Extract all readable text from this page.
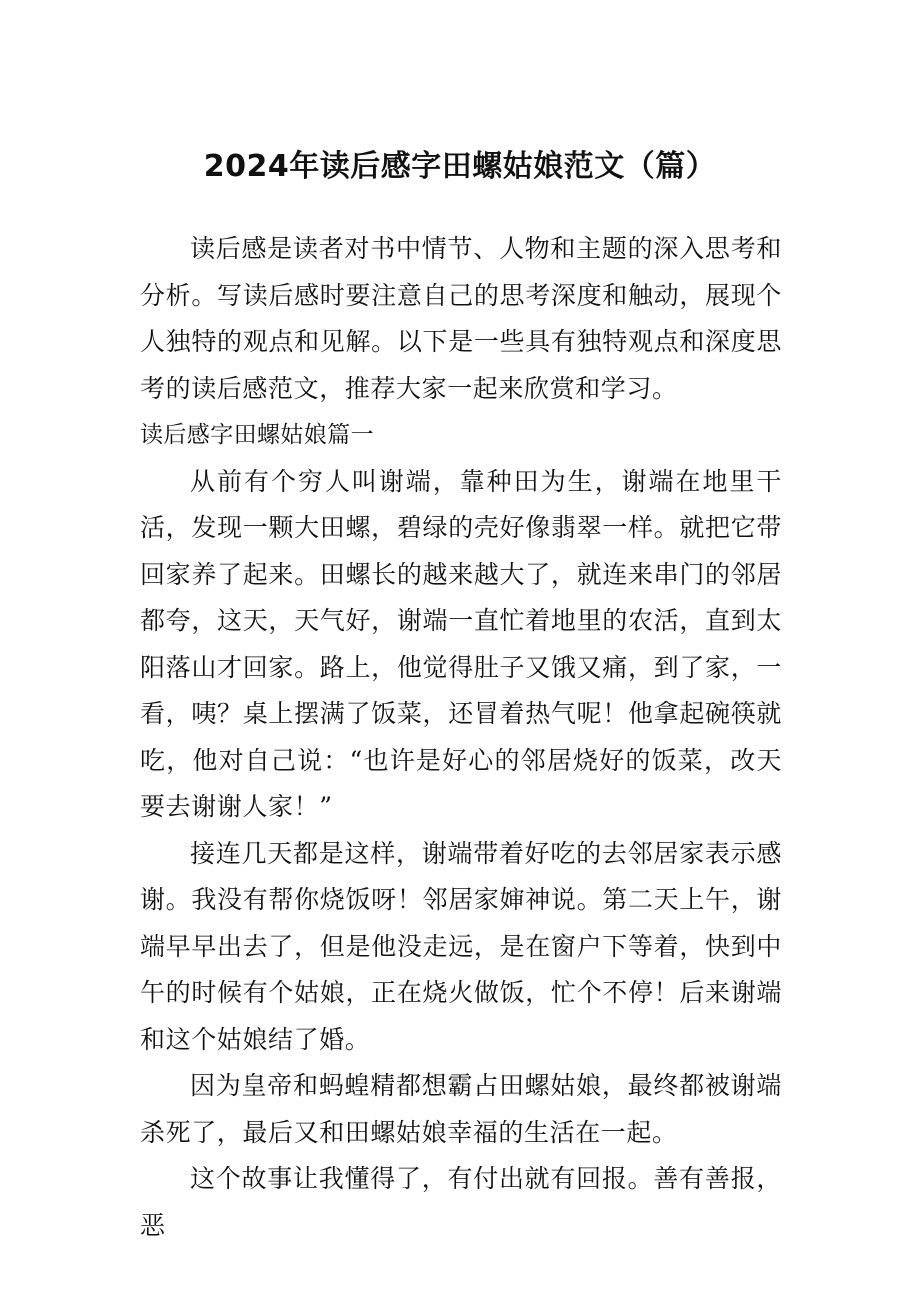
2024年读后感字田螺姑娘范文（篇）

读后感是读者对书中情节、人物和主题的深入思考和分析。写读后感时要注意自己的思考深度和触动，展现个人独特的观点和见解。以下是一些具有独特观点和深度思考的读后感范文，推荐大家一起来欣赏和学习。

读后感字田螺姑娘篇一

从前有个穷人叫谢端，靠种田为生，谢端在地里干活，发现一颗大田螺，碧绿的壳好像翡翠一样。就把它带回家养了起来。田螺长的越来越大了，就连来串门的邻居都夸，这天，天气好，谢端一直忙着地里的农活，直到太阳落山才回家。路上，他觉得肚子又饿又痛，到了家，一看，咦？桌上摆满了饭菜，还冒着热气呢！他拿起碗筷就吃，他对自己说：“也许是好心的邻居烧好的饭菜，改天要去谢谢人家！”

接连几天都是这样，谢端带着好吃的去邻居家表示感谢。我没有帮你烧饭呀！邻居家婶神说。第二天上午，谢端早早出去了，但是他没走远，是在窗户下等着，快到中午的时候有个姑娘，正在烧火做饭，忙个不停！后来谢端和这个姑娘结了婚。

因为皇帝和蚂蝗精都想霸占田螺姑娘，最终都被谢端杀死了，最后又和田螺姑娘幸福的生活在一起。

这个故事让我懂得了，有付出就有回报。善有善报，恶
